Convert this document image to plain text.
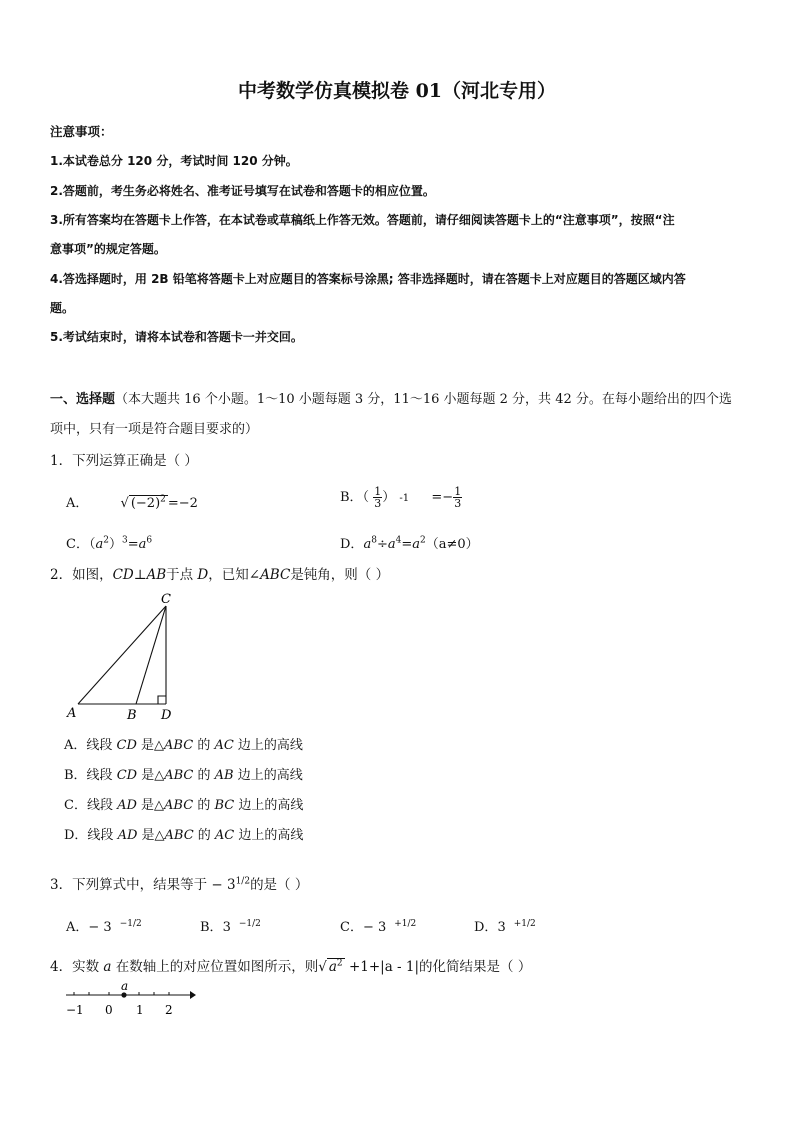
中考数学仿真模拟卷 01（河北专用）
注意事项：
1.本试卷总分 120 分，考试时间 120 分钟。
2.答题前，考生务必将姓名、准考证号填写在试卷和答题卡的相应位置。
3.所有答案均在答题卡上作答，在本试卷或草稿纸上作答无效。答题前，请仔细阅读答题卡上的“注意事项”，按照“注
意事项”的规定答题。
4.答选择题时，用 2B 铅笔将答题卡上对应题目的答案标号涂黑; 答非选择题时，请在答题卡上对应题目的答题区域内答
题。
5.考试结束时，请将本试卷和答题卡一并交回。
一、选择题（本大题共 16 个小题。1～10 小题每题 3 分，11～16 小题每题 2 分，共 42 分。在每小题给出的四个选
项中，只有一项是符合题目要求的）
1．下列运算正确是（ ）
A． √ $(-2)^2 =-2$	B．（ $\frac{1}{3}$ ） $-1 =- \frac{1}{3}$
C．$(a^2)^3=a^6$	D．$a^8\div a^4=a^2(a\ne 0)$
2．如图，CD⊥AB于点 D，已知∠ABC是钝角，则（ ）
A	B
C
D
A．线段 CD 是△ABC 的 AC 边上的高线
B．线段 CD 是△ABC 的 AB 边上的高线
C．线段 AD 是△ABC 的 BC 边上的高线
D．线段 AD 是△ABC 的 AC 边上的高线
3．下列算式中，结果等于 − $3^{1/2}$的是（ ）
A．− 3 $^{-1/2}$	B．3 $^{-1/2}$	C．− 3 $^{+1/2}$	D．3 $^{+1/2}$
4．实数 a 在数轴上的对应位置如图所示，则√ $a^2 +1+|a - 1|$的化简结果是（ ）
a
−1 0 1 2
